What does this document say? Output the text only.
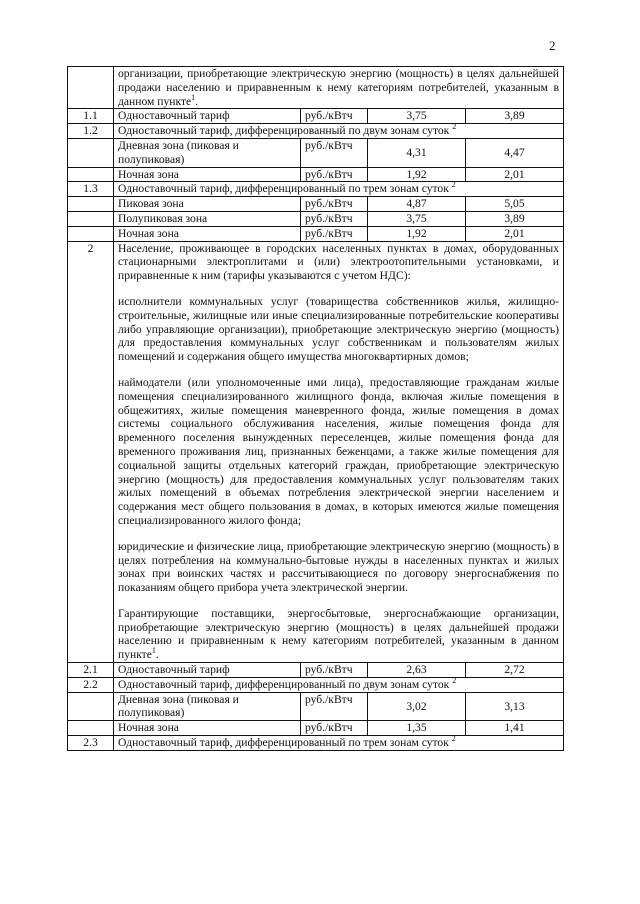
2
	организации, приобретающие электрическую энергию (мощность) в целях дальнейшей продажи населению и приравненным к нему категориям потребителей, указанным в данном пункте$^1$.			
1.1	Одноставочный тариф	руб./кВтч	3,75	3,89
1.2	Одноставочный тариф, дифференцированный по двум зонам суток $^2$
	Дневная зона (пиковая и полупиковая)	руб./кВтч	4,31	4,47
	Ночная зона	руб./кВтч	1,92	2,01
1.3	Одноставочный тариф, дифференцированный по трем зонам суток $^2$
	Пиковая зона	руб./кВтч	4,87	5,05
	Полупиковая зона	руб./кВтч	3,75	3,89
	Ночная зона	руб./кВтч	1,92	2,01
2	Население, проживающее в городских населенных пунктах в домах, оборудованных стационарными электроплитами и (или) электроотопительными установками, и приравненные к ним (тарифы указываются с учетом НДС):

исполнители коммунальных услуг (товарищества собственников жилья, жилищно-строительные, жилищные или иные специализированные потребительские кооперативы либо управляющие организации), приобретающие электрическую энергию (мощность) для предоставления коммунальных услуг собственникам и пользователям жилых помещений и содержания общего имущества многоквартирных домов;

наймодатели (или уполномоченные ими лица), предоставляющие гражданам жилые помещения специализированного жилищного фонда, включая жилые помещения в общежитиях, жилые помещения маневренного фонда, жилые помещения в домах системы социального обслуживания населения, жилые помещения фонда для временного поселения вынужденных переселенцев, жилые помещения фонда для временного проживания лиц, признанных беженцами, а также жилые помещения для социальной защиты отдельных категорий граждан, приобретающие электрическую энергию (мощность) для предоставления коммунальных услуг пользователям таких жилых помещений в объемах потребления электрической энергии населением и содержания мест общего пользования в домах, в которых имеются жилые помещения специализированного жилого фонда;

юридические и физические лица, приобретающие электрическую энергию (мощность) в целях потребления на коммунально-бытовые нужды в населенных пунктах и жилых зонах при воинских частях и рассчитывающиеся по договору энергоснабжения по показаниям общего прибора учета электрической энергии.

Гарантирующие поставщики, энергосбытовые, энергоснабжающие организации, приобретающие электрическую энергию (мощность) в целях дальнейшей продажи населению и приравненным к нему категориям потребителей, указанным в данном пункте$^1$.			

2.1	Одноставочный тариф	руб./кВтч	2,63	2,72
2.2	Одноставочный тариф, дифференцированный по двум зонам суток $^2$
	Дневная зона (пиковая и полупиковая)	руб./кВтч	3,02	3,13
	Ночная зона	руб./кВтч	1,35	1,41
2.3	Одноставочный тариф, дифференцированный по трем зонам суток $^2$
